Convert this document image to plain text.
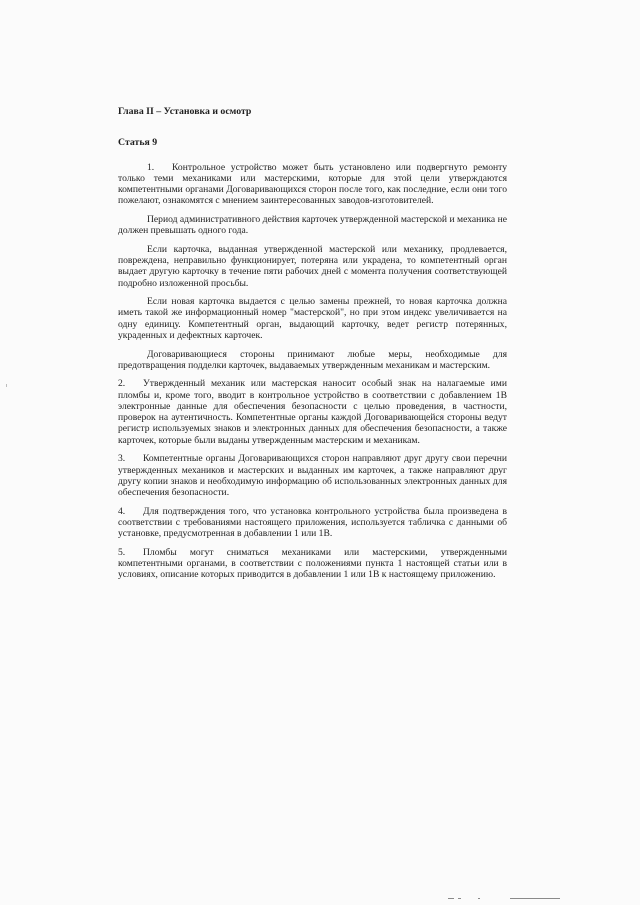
Глава II – Установка и осмотр
Статья 9
1. Контрольное устройство может быть установлено или подвергнуто ремонту только теми механиками или мастерскими, которые для этой цели утверждаются компетентными органами Договаривающихся сторон после того, как последние, если они того пожелают, ознакомятся с мнением заинтересованных заводов-изготовителей.
Период административного действия карточек утвержденной мастерской и механика не должен превышать одного года.
Если карточка, выданная утвержденной мастерской или механику, продлевается, повреждена, неправильно функционирует, потеряна или украдена, то компетентный орган выдает другую карточку в течение пяти рабочих дней с момента получения соответствующей подробно изложенной просьбы.
Если новая карточка выдается с целью замены прежней, то новая карточка должна иметь такой же информационный номер "мастерской", но при этом индекс увеличивается на одну единицу. Компетентный орган, выдающий карточку, ведет регистр потерянных, украденных и дефектных карточек.
Договаривающиеся стороны принимают любые меры, необходимые для предотвращения подделки карточек, выдаваемых утвержденным механикам и мастерским.
2. Утвержденный механик или мастерская наносит особый знак на налагаемые ими пломбы и, кроме того, вводит в контрольное устройство в соответствии с добавлением 1В электронные данные для обеспечения безопасности с целью проведения, в частности, проверок на аутентичность. Компетентные органы каждой Договаривающейся стороны ведут регистр используемых знаков и электронных данных для обеспечения безопасности, а также карточек, которые были выданы утвержденным мастерским и механикам.
3. Компетентные органы Договаривающихся сторон направляют друг другу свои перечни утвержденных механиков и мастерских и выданных им карточек, а также направляют друг другу копии знаков и необходимую информацию об использованных электронных данных для обеспечения безопасности.
4. Для подтверждения того, что установка контрольного устройства была произведена в соответствии с требованиями настоящего приложения, используется табличка с данными об установке, предусмотренная в добавлении 1 или 1В.
5. Пломбы могут сниматься механиками или мастерскими, утвержденными компетентными органами, в соответствии с положениями пункта 1 настоящей статьи или в условиях, описание которых приводится в добавлении 1 или 1В к настоящему приложению.
